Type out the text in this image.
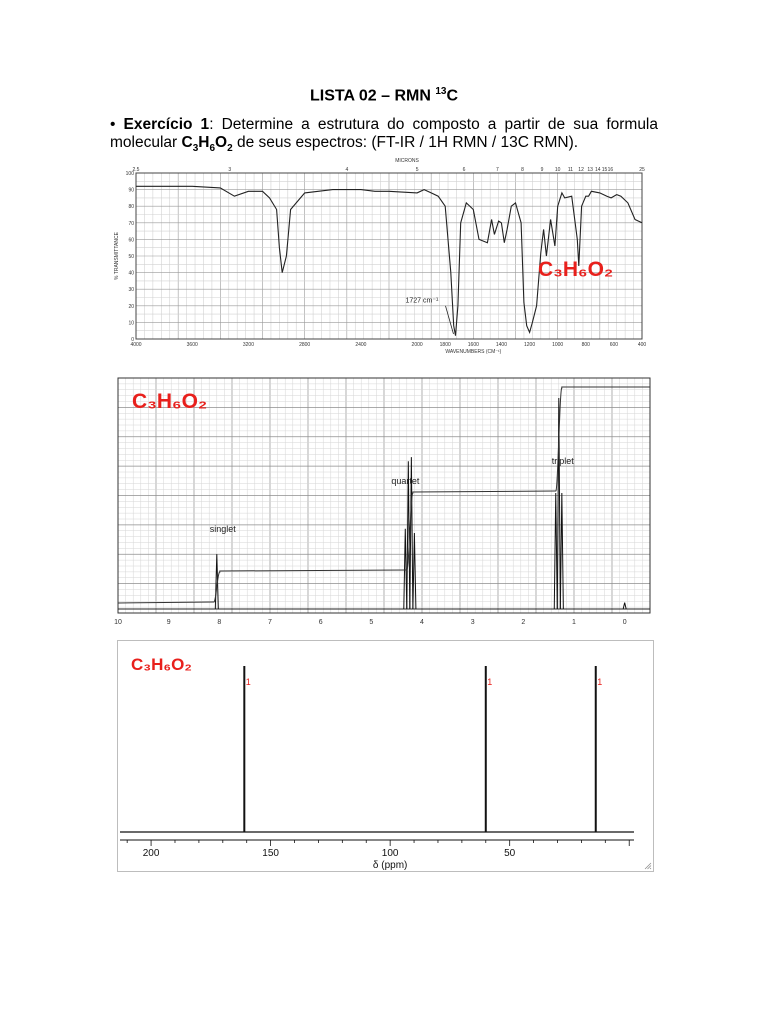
LISTA 02 – RMN $^{13}$C
• Exercício 1: Determine a estrutura do composto a partir de sua formula molecular $C_3H_6O_2$ de seus espectros: (FT-IR / 1H RMN / 13C RMN).
2.5	3	4	5	6	7	8	9 10 11 12 13 14 15 16	25
MICRONS
100
90
80
70
60
50
40
30
20
10
0
% TRANSMITTANCE
4000	3600	3200	2800	2400	2000	1800	1600	1400	1200	1000	800	600	400
WAVENUMBERS (CM⁻¹)
1727 cm⁻¹
C₃H₆O₂
singlet
quartet
triplet
10	9	8	7	6	5	4	3	2	1	0
C₃H₆O₂
200	150	100	50
δ (ppm)
1	1	1
C₃H₆O₂
